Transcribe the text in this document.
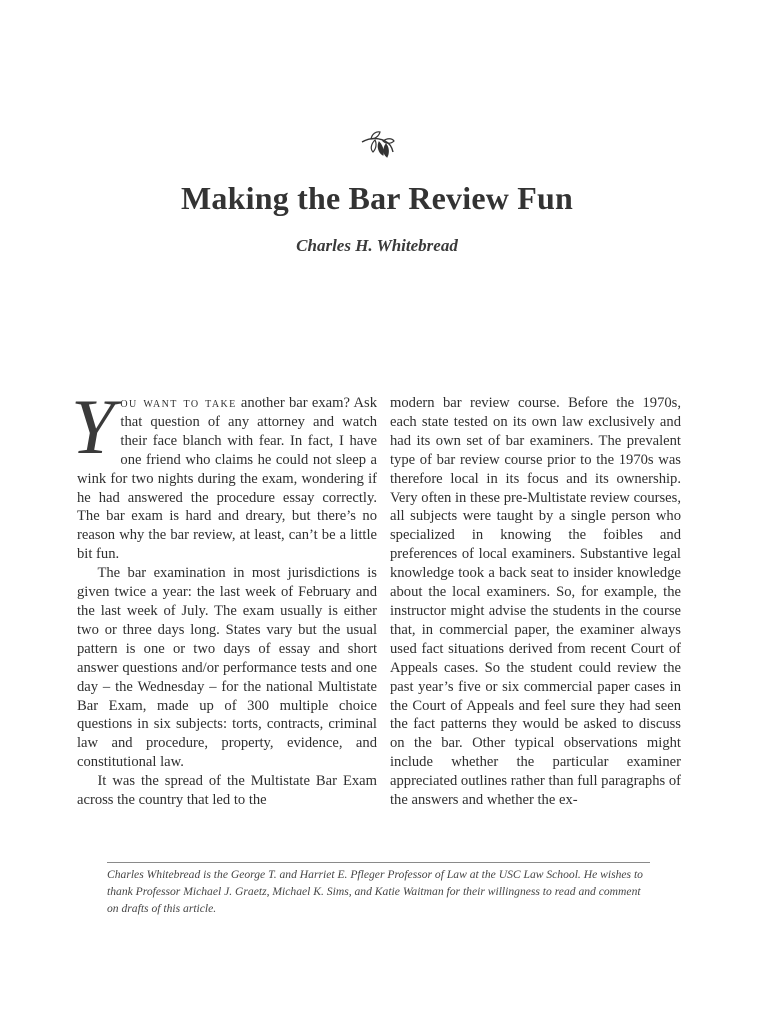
Making the Bar Review Fun
Charles H. Whitebread

You want to take another bar exam? Ask that question of any attorney and watch their face blanch with fear. In fact, I have one friend who claims he could not sleep a wink for two nights during the exam, wondering if he had answered the procedure essay correctly. The bar exam is hard and dreary, but there’s no reason why the bar review, at least, can’t be a little bit fun.

The bar examination in most jurisdictions is given twice a year: the last week of February and the last week of July. The exam usually is either two or three days long. States vary but the usual pattern is one or two days of essay and short answer questions and/or performance tests and one day – the Wednesday – for the national Multistate Bar Exam, made up of 300 multiple choice questions in six subjects: torts, contracts, criminal law and procedure, property, evidence, and constitutional law.

It was the spread of the Multistate Bar Exam across the country that led to the

modern bar review course. Before the 1970s, each state tested on its own law exclusively and had its own set of bar examiners. The prevalent type of bar review course prior to the 1970s was therefore local in its focus and its ownership. Very often in these pre-Multistate review courses, all subjects were taught by a single person who specialized in knowing the foibles and preferences of local examiners. Substantive legal knowledge took a back seat to insider knowledge about the local examiners. So, for example, the instructor might advise the students in the course that, in commercial paper, the examiner always used fact situations derived from recent Court of Appeals cases. So the student could review the past year’s five or six commercial paper cases in the Court of Appeals and feel sure they had seen the fact patterns they would be asked to discuss on the bar. Other typical observations might include whether the particular examiner appreciated outlines rather than full paragraphs of the answers and whether the ex-

Charles Whitebread is the George T. and Harriet E. Pfleger Professor of Law at the USC Law School. He wishes to thank Professor Michael J. Graetz, Michael K. Sims, and Katie Waitman for their willingness to read and comment on drafts of this article.
